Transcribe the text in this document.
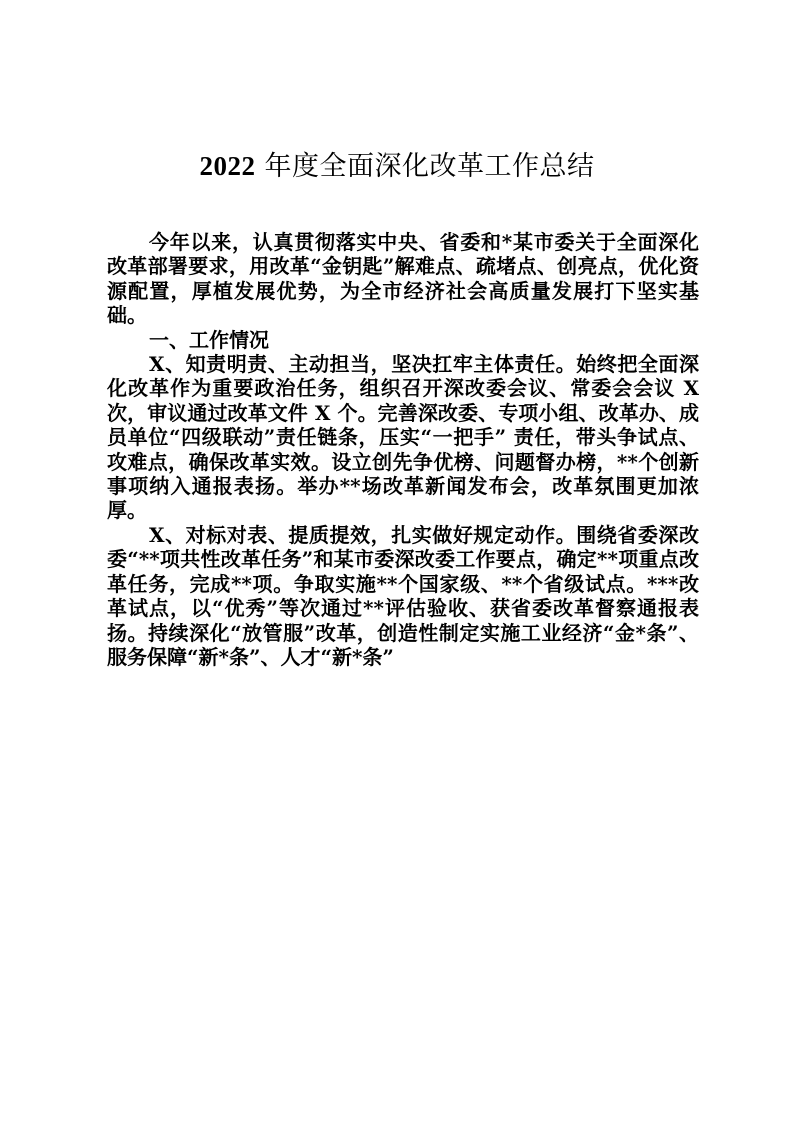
2022 年度全面深化改革工作总结

今年以来，认真贯彻落实中央、省委和*某市委关于全面深化改革部署要求，用改革“金钥匙”解难点、疏堵点、创亮点，优化资源配置，厚植发展优势，为全市经济社会高质量发展打下坚实基础。

一、工作情况

X、知责明责、主动担当，坚决扛牢主体责任。始终把全面深化改革作为重要政治任务，组织召开深改委会议、常委会会议 X 次，审议通过改革文件 X 个。完善深改委、专项小组、改革办、成员单位“四级联动”责任链条，压实“一把手” 责任，带头争试点、攻难点，确保改革实效。设立创先争优榜、问题督办榜，**个创新事项纳入通报表扬。举办**场改革新闻发布会，改革氛围更加浓厚。

X、对标对表、提质提效，扎实做好规定动作。围绕省委深改委“**项共性改革任务”和某市委深改委工作要点，确定**项重点改革任务，完成**项。争取实施**个国家级、**个省级试点。***改革试点，以“优秀”等次通过**评估验收、获省委改革督察通报表扬。持续深化“放管服”改革，创造性制定实施工业经济“金*条”、服务保障“新*条”、人才“新*条”
